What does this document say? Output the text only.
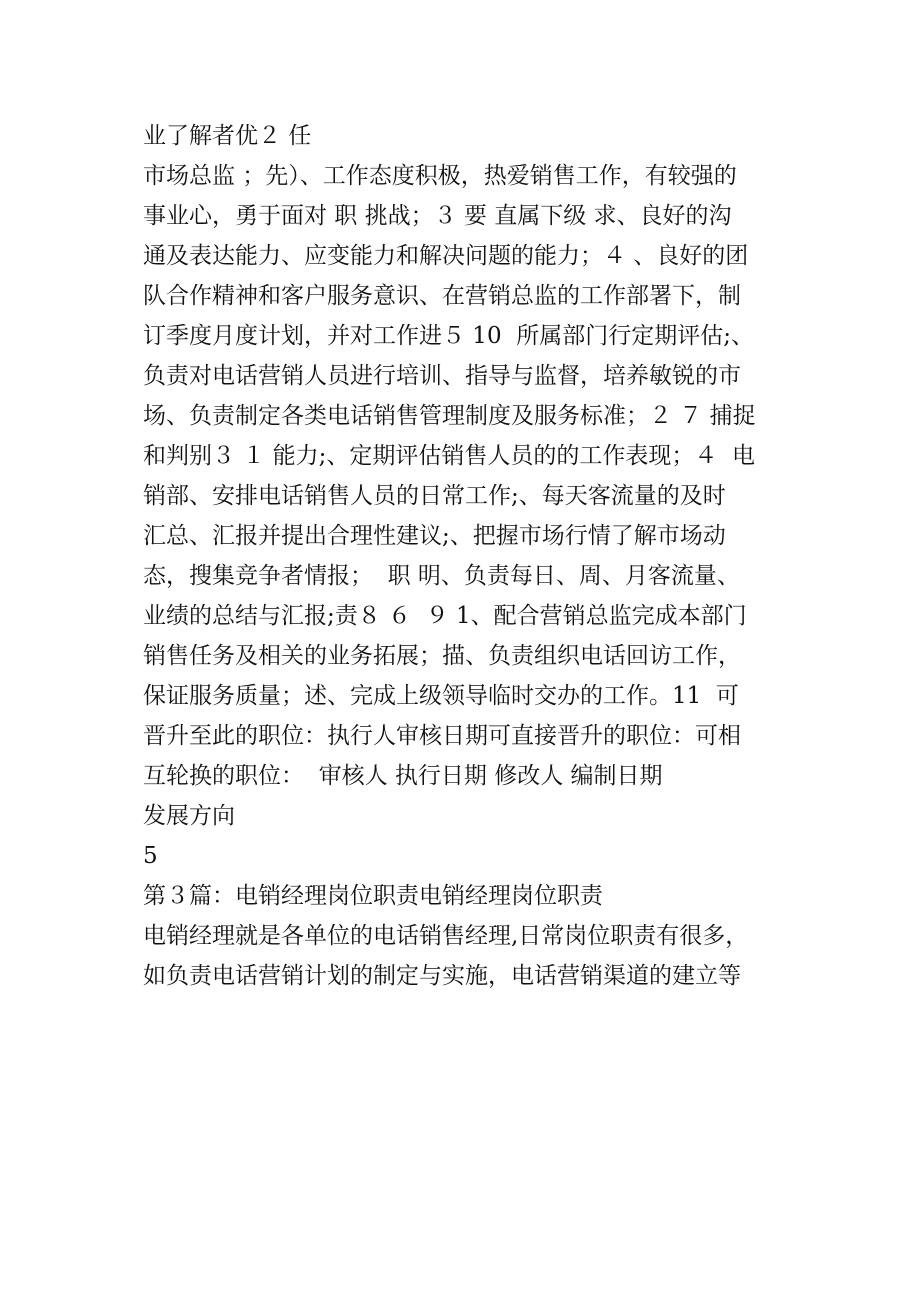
业了解者优２ 任
市场总监 ；先）、工作态度积极，热爱销售工作，有较强的
事业心，勇于面对 职 挑战；３ 要 直属下级 求、良好的沟
通及表达能力、应变能力和解决问题的能力；４ 、良好的团
队合作精神和客户服务意识、在营销总监的工作部署下，制
订季度月度计划，并对工作进５ 10  所属部门行定期评估;、
负责对电话营销人员进行培训、指导与监督，培养敏锐的市
场、负责制定各类电话销售管理制度及服务标准；２ ７ 捕捉
和判别３ １ 能力;、定期评估销售人员的的工作表现；４  电
销部、安排电话销售人员的日常工作;、每天客流量的及时
汇总、汇报并提出合理性建议;、把握市场行情了解市场动
态，搜集竞争者情报；  职 明、负责每日、周、月客流量、
业绩的总结与汇报;责８ ６  ９ 1、配合营销总监完成本部门
销售任务及相关的业务拓展；描、负责组织电话回访工作，
保证服务质量；述、完成上级领导临时交办的工作。11  可
晋升至此的职位：执行人审核日期可直接晋升的职位：可相
互轮换的职位：  审核人 执行日期 修改人 编制日期
发展方向
5
第３篇：电销经理岗位职责电销经理岗位职责
电销经理就是各单位的电话销售经理,日常岗位职责有很多，
如负责电话营销计划的制定与实施，电话营销渠道的建立等
